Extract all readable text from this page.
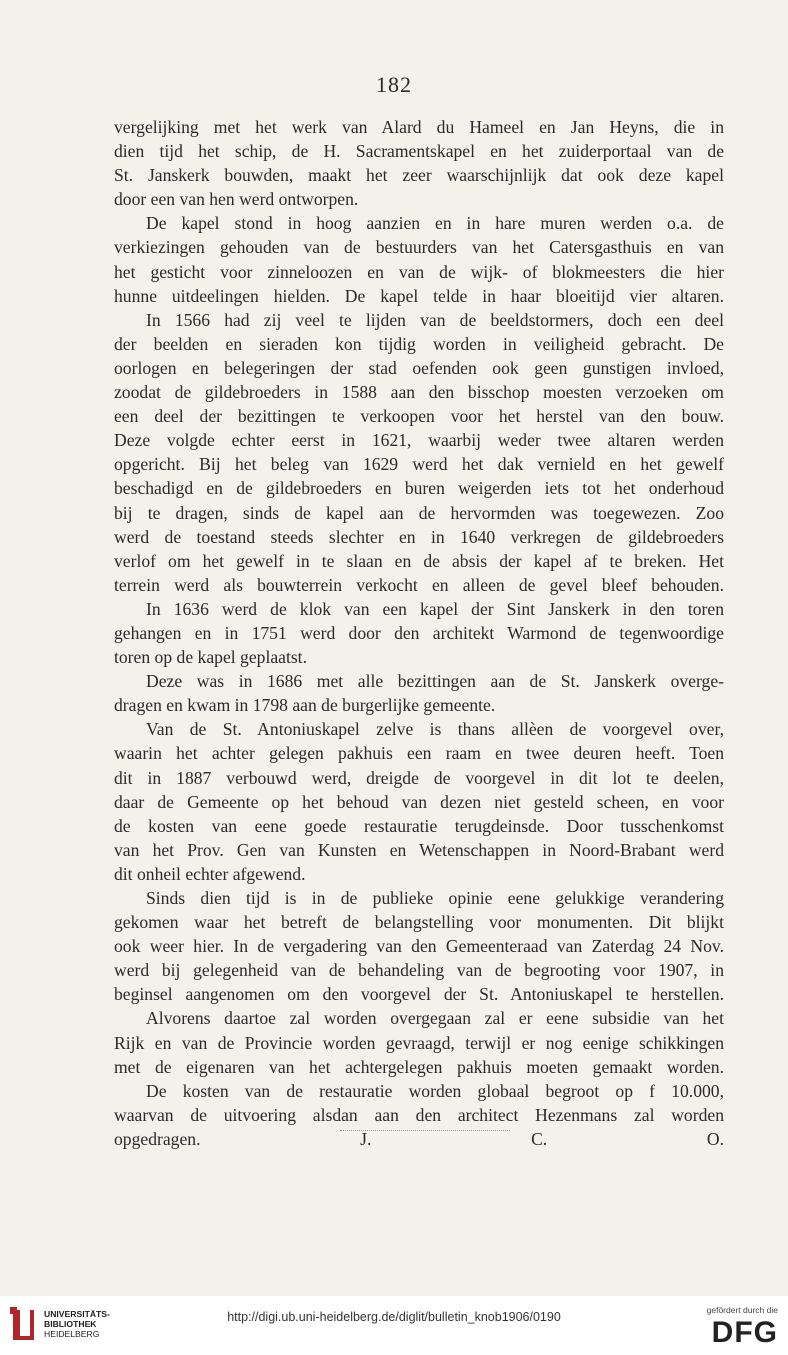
182
vergelijking met het werk van Alard du Hameel en Jan Heyns, die in
dien tijd het schip, de H. Sacramentskapel en het zuiderportaal van de
St. Janskerk bouwden, maakt het zeer waarschijnlijk dat ook deze kapel
door een van hen werd ontworpen.
De kapel stond in hoog aanzien en in hare muren werden o.a. de
verkiezingen gehouden van de bestuurders van het Catersgasthuis en van
het gesticht voor zinneloozen en van de wijk- of blokmeesters die hier
hunne uitdeelingen hielden. De kapel telde in haar bloeitijd vier altaren.
In 1566 had zij veel te lijden van de beeldstormers, doch een deel
der beelden en sieraden kon tijdig worden in veiligheid gebracht. De
oorlogen en belegeringen der stad oefenden ook geen gunstigen invloed,
zoodat de gildebroeders in 1588 aan den bisschop moesten verzoeken om
een deel der bezittingen te verkoopen voor het herstel van den bouw.
Deze volgde echter eerst in 1621, waarbij weder twee altaren werden
opgericht. Bij het beleg van 1629 werd het dak vernield en het gewelf
beschadigd en de gildebroeders en buren weigerden iets tot het onderhoud
bij te dragen, sinds de kapel aan de hervormden was toegewezen. Zoo
werd de toestand steeds slechter en in 1640 verkregen de gildebroeders
verlof om het gewelf in te slaan en de absis der kapel af te breken. Het
terrein werd als bouwterrein verkocht en alleen de gevel bleef behouden.
In 1636 werd de klok van een kapel der Sint Janskerk in den toren
gehangen en in 1751 werd door den architekt Warmond de tegenwoordige
toren op de kapel geplaatst.
Deze was in 1686 met alle bezittingen aan de St. Janskerk overge-
dragen en kwam in 1798 aan de burgerlijke gemeente.
Van de St. Antoniuskapel zelve is thans allèen de voorgevel over,
waarin het achter gelegen pakhuis een raam en twee deuren heeft. Toen
dit in 1887 verbouwd werd, dreigde de voorgevel in dit lot te deelen,
daar de Gemeente op het behoud van dezen niet gesteld scheen, en voor
de kosten van eene goede restauratie terugdeinsde. Door tusschenkomst
van het Prov. Gen van Kunsten en Wetenschappen in Noord-Brabant werd
dit onheil echter afgewend.
Sinds dien tijd is in de publieke opinie eene gelukkige verandering
gekomen waar het betreft de belangstelling voor monumenten. Dit blijkt
ook weer hier. In de vergadering van den Gemeenteraad van Zaterdag 24 Nov.
werd bij gelegenheid van de behandeling van de begrooting voor 1907, in
beginsel aangenomen om den voorgevel der St. Antoniuskapel te herstellen.
Alvorens daartoe zal worden overgegaan zal er eene subsidie van het
Rijk en van de Provincie worden gevraagd, terwijl er nog eenige schikkingen
met de eigenaren van het achtergelegen pakhuis moeten gemaakt worden.
De kosten van de restauratie worden globaal begroot op f 10.000,
waarvan de uitvoering alsdan aan den architect Hezenmans zal worden
opgedragen. J. C. O.
UNIVERSITÄTS-
BIBLIOTHEK
HEIDELBERG
http://digi.ub.uni-heidelberg.de/diglit/bulletin_knob1906/0190	gefördert durch die
DFG
